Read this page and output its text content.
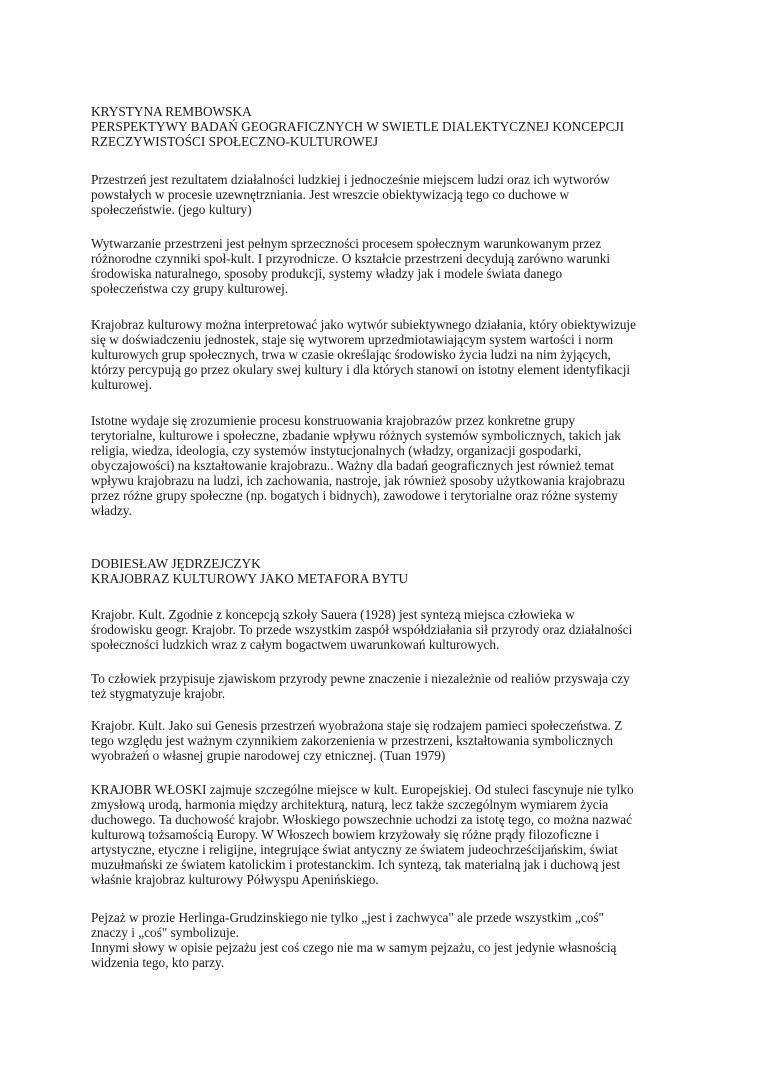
KRYSTYNA REMBOWSKA
PERSPEKTYWY BADAŃ GEOGRAFICZNYCH W SWIETLE DIALEKTYCZNEJ KONCEPCJI
RZECZYWISTOŚCI SPOŁECZNO-KULTUROWEJ
Przestrzeń jest rezultatem działalności ludzkiej i jednocześnie miejscem ludzi oraz ich wytworów
powstałych w procesie uzewnętrzniania. Jest wreszcie obiektywizacją tego co duchowe w
społeczeństwie. (jego kultury)
Wytwarzanie przestrzeni jest pełnym sprzeczności procesem społecznym warunkowanym przez
różnorodne czynniki społ-kult. I przyrodnicze. O kształcie przestrzeni decydują zarówno warunki
środowiska naturalnego, sposoby produkcji, systemy władzy jak i modele świata danego
społeczeństwa czy grupy kulturowej.
Krajobraz kulturowy można interpretować jako wytwór subiektywnego działania, który obiektywizuje
się w doświadczeniu jednostek, staje się wytworem uprzedmiotawiającym system wartości i norm
kulturowych grup społecznych, trwa w czasie określając środowisko życia ludzi na nim żyjących,
którzy percypują go przez okulary swej kultury i dla których stanowi on istotny element identyfikacji
kulturowej.
Istotne wydaje się zrozumienie procesu konstruowania krajobrazów przez konkretne grupy
terytorialne, kulturowe i społeczne, zbadanie wpływu różnych systemów symbolicznych, takich jak
religia, wiedza, ideologia, czy systemów instytucjonalnych (władzy, organizacji gospodarki,
obyczajowości) na kształtowanie krajobrazu.. Ważny dla badań geograficznych jest również temat
wpływu krajobrazu na ludzi, ich zachowania, nastroje, jak również sposoby użytkowania krajobrazu
przez różne grupy społeczne (np. bogatych i bidnych), zawodowe i terytorialne oraz różne systemy
władzy.
DOBIESŁAW JĘDRZEJCZYK
KRAJOBRAZ KULTUROWY JAKO METAFORA BYTU
Krajobr. Kult. Zgodnie z koncepcją szkoły Sauera (1928) jest syntezą miejsca człowieka w
środowisku geogr. Krajobr. To przede wszystkim zaspół współdziałania sił przyrody oraz działalności
społeczności ludzkich wraz z całym bogactwem uwarunkowań kulturowych.
To człowiek przypisuje zjawiskom przyrody pewne znaczenie i niezależnie od realiów przyswaja czy
też stygmatyzuje krajobr.
Krajobr. Kult. Jako sui Genesis przestrzeń wyobrażona staje się rodzajem pamieci społeczeństwa. Z
tego względu jest ważnym czynnikiem zakorzenienia w przestrzeni, kształtowania symbolicznych
wyobrażeń o własnej grupie narodowej czy etnicznej. (Tuan 1979)
KRAJOBR WŁOSKI zajmuje szczególne miejsce w kult. Europejskiej. Od stuleci fascynuje nie tylko
zmysłową urodą, harmonia między architekturą, naturą, lecz także szczególnym wymiarem życia
duchowego. Ta duchowość krajobr. Włoskiego powszechnie uchodzi za istotę tego, co można nazwać
kulturową tożsamością Europy. W Włoszech bowiem krzyżowały się różne prądy filozoficzne i
artystyczne, etyczne i religijne, integrujące świat antyczny ze światem judeochrześcijańskim, świat
muzułmański ze światem katolickim i protestanckim. Ich syntezą, tak materialną jak i duchową jest
właśnie krajobraz kulturowy Półwyspu Apenińskiego.
Pejzaż w prozie Herlinga-Grudzinskiego nie tylko „jest i zachwyca" ale przede wszystkim „coś"
znaczy i „coś" symbolizuje.
Innymi słowy w opisie pejzażu jest coś czego nie ma w samym pejzażu, co jest jedynie własnością
widzenia tego, kto parzy.
